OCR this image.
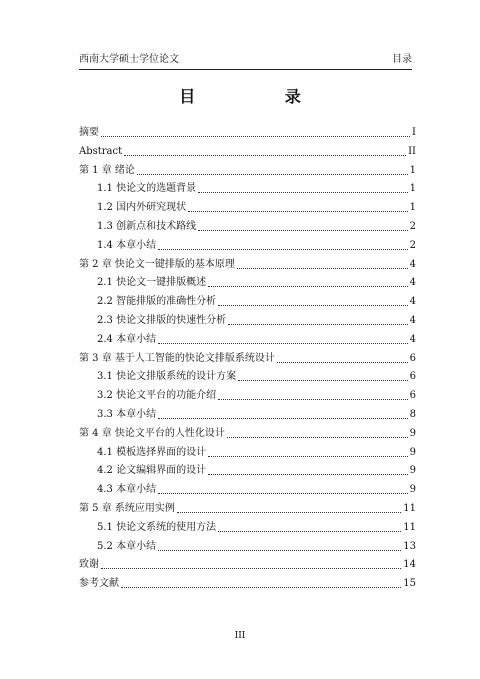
西南大学硕士学位论文	目录
目 录
摘要	I
Abstract	II
第 1 章 绪论	1
1.1 快论文的选题背景	1
1.2 国内外研究现状	1
1.3 创新点和技术路线	2
1.4 本章小结	2
第 2 章 快论文一键排版的基本原理	4
2.1 快论文一键排版概述	4
2.2 智能排版的准确性分析	4
2.3 快论文排版的快速性分析	4
2.4 本章小结	4
第 3 章 基于人工智能的快论文排版系统设计	6
3.1 快论文排版系统的设计方案	6
3.2 快论文平台的功能介绍	6
3.3 本章小结	8
第 4 章 快论文平台的人性化设计	9
4.1 模板选择界面的设计	9
4.2 论文编辑界面的设计	9
4.3 本章小结	9
第 5 章 系统应用实例	11
5.1 快论文系统的使用方法	11
5.2 本章小结	13
致谢	14
参考文献	15
III
